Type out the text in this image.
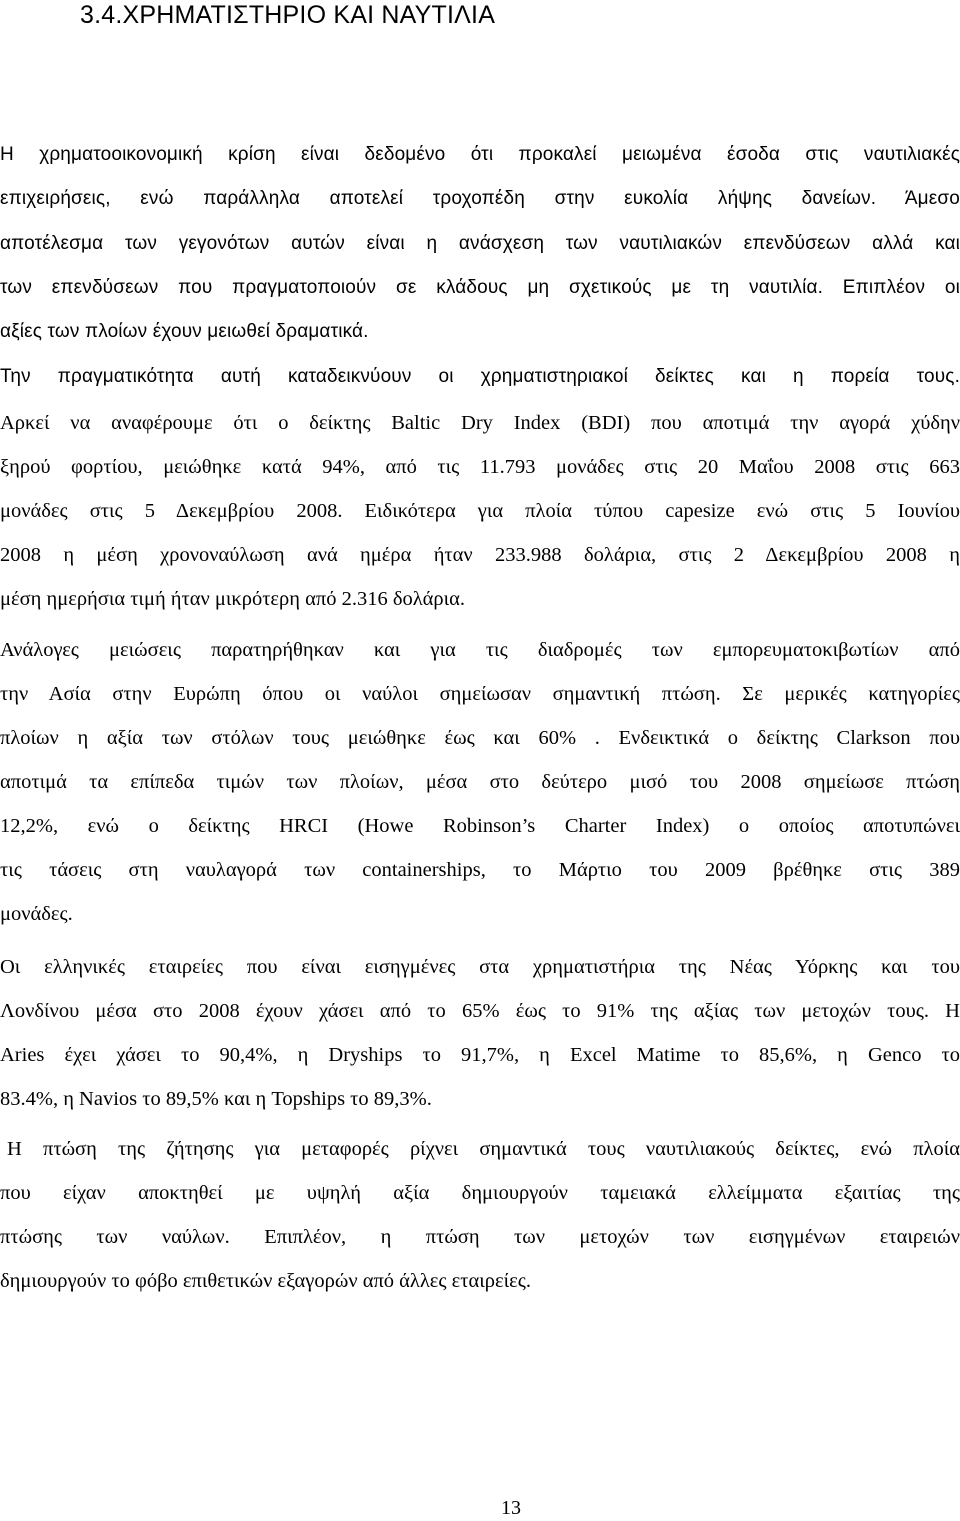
3.4.ΧΡΗΜΑΤΙΣΤΗΡΙΟ ΚΑΙ ΝΑΥΤΙΛΙΑ
Η χρηματοοικονομική κρίση είναι δεδομένο ότι προκαλεί μειωμένα έσοδα στις ναυτιλιακές
επιχειρήσεις, ενώ παράλληλα αποτελεί τροχοπέδη στην ευκολία λήψης δανείων. Άμεσο
αποτέλεσμα των γεγονότων αυτών είναι η ανάσχεση των ναυτιλιακών επενδύσεων αλλά και
των επενδύσεων που πραγματοποιούν σε κλάδους μη σχετικούς με τη ναυτιλία. Επιπλέον οι
αξίες των πλοίων έχουν μειωθεί δραματικά.
Την πραγματικότητα αυτή καταδεικνύουν οι χρηματιστηριακοί δείκτες και η πορεία τους.
Αρκεί να αναφέρουμε ότι ο δείκτης Baltic Dry Index (BDI) που αποτιμά την αγορά χύδην
ξηρού φορτίου, μειώθηκε κατά 94%, από τις 11.793 μονάδες στις 20 Μαΐου 2008 στις 663
μονάδες στις 5 Δεκεμβρίου 2008. Ειδικότερα για πλοία τύπου capesize ενώ στις 5 Ιουνίου
2008 η μέση χρονοναύλωση ανά ημέρα ήταν 233.988 δολάρια, στις 2 Δεκεμβρίου 2008 η
μέση ημερήσια τιμή ήταν μικρότερη από 2.316 δολάρια.
Ανάλογες μειώσεις παρατηρήθηκαν και για τις διαδρομές των εμπορευματοκιβωτίων από
την Ασία στην Ευρώπη όπου οι ναύλοι σημείωσαν σημαντική πτώση. Σε μερικές κατηγορίες
πλοίων η αξία των στόλων τους μειώθηκε έως και 60% . Ενδεικτικά ο δείκτης Clarkson που
αποτιμά τα επίπεδα τιμών των πλοίων, μέσα στο δεύτερο μισό του 2008 σημείωσε πτώση
12,2%, ενώ ο δείκτης HRCI (Howe Robinson’s Charter Index) ο οποίος αποτυπώνει
τις τάσεις στη ναυλαγορά των containerships, το Μάρτιο του 2009 βρέθηκε στις 389
μονάδες.
Οι ελληνικές εταιρείες που είναι εισηγμένες στα χρηματιστήρια της Νέας Υόρκης και του
Λονδίνου μέσα στο 2008 έχουν χάσει από το 65% έως το 91% της αξίας των μετοχών τους. Η
Aries έχει χάσει το 90,4%, η Dryships το 91,7%, η Excel Matime το 85,6%, η Genco το
83.4%, η Navios το 89,5% και η Topships το 89,3%.
Η πτώση της ζήτησης για μεταφορές ρίχνει σημαντικά τους ναυτιλιακούς δείκτες, ενώ πλοία
που είχαν αποκτηθεί με υψηλή αξία δημιουργούν ταμειακά ελλείμματα εξαιτίας της
πτώσης των ναύλων. Επιπλέον, η πτώση των μετοχών των εισηγμένων εταιρειών
δημιουργούν το φόβο επιθετικών εξαγορών από άλλες εταιρείες.
13
